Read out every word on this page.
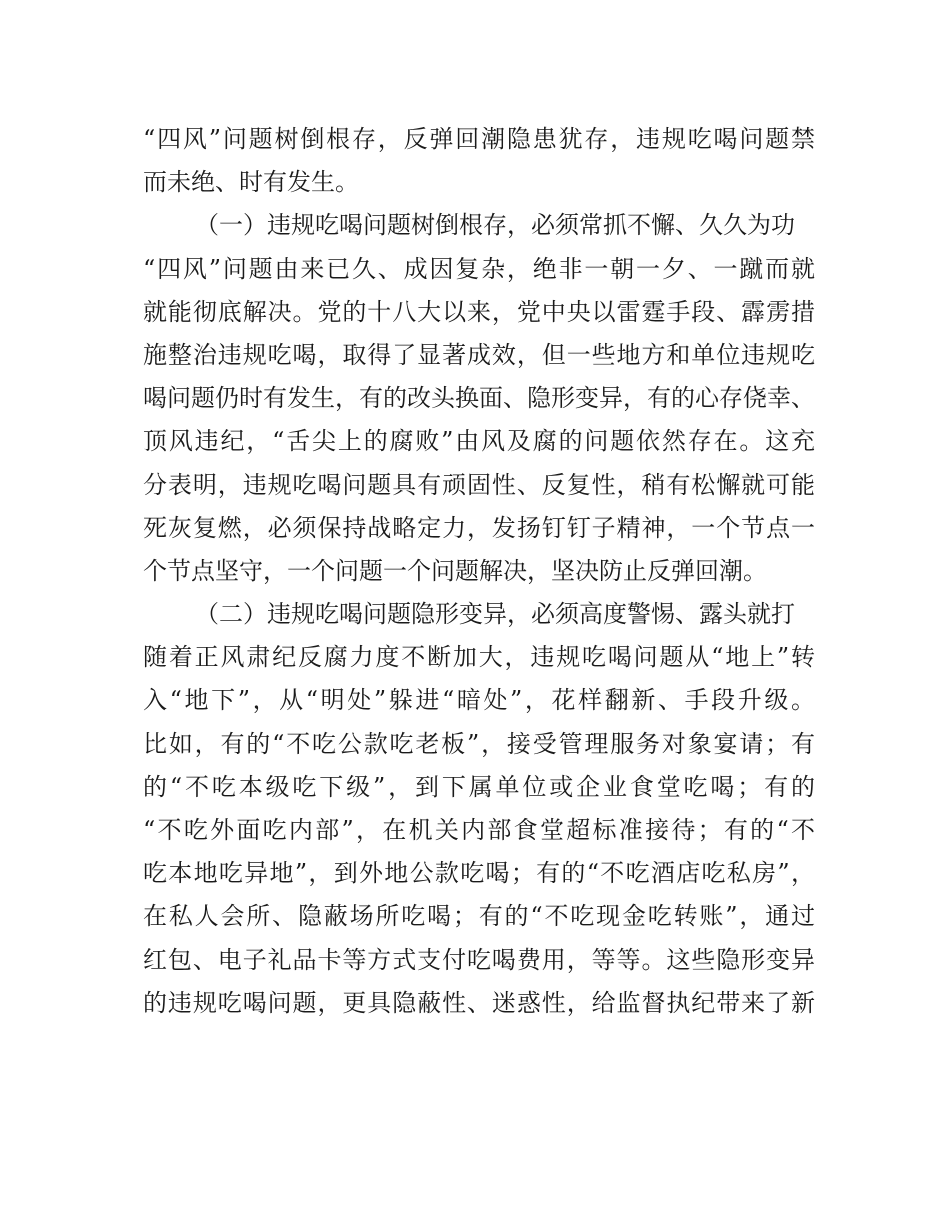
“四风”问题树倒根存，反弹回潮隐患犹存，违规吃喝问题禁
而未绝、时有发生。
（一）违规吃喝问题树倒根存，必须常抓不懈、久久为功
“四风”问题由来已久、成因复杂，绝非一朝一夕、一蹴而就
就能彻底解决。党的十八大以来，党中央以雷霆手段、霹雳措
施整治违规吃喝，取得了显著成效，但一些地方和单位违规吃
喝问题仍时有发生，有的改头换面、隐形变异，有的心存侥幸、
顶风违纪，“舌尖上的腐败”由风及腐的问题依然存在。这充
分表明，违规吃喝问题具有顽固性、反复性，稍有松懈就可能
死灰复燃，必须保持战略定力，发扬钉钉子精神，一个节点一
个节点坚守，一个问题一个问题解决，坚决防止反弹回潮。
（二）违规吃喝问题隐形变异，必须高度警惕、露头就打
随着正风肃纪反腐力度不断加大，违规吃喝问题从“地上”转
入“地下”，从“明处”躲进“暗处”，花样翻新、手段升级。
比如，有的“不吃公款吃老板”，接受管理服务对象宴请；有
的“不吃本级吃下级”，到下属单位或企业食堂吃喝；有的
“不吃外面吃内部”，在机关内部食堂超标准接待；有的“不
吃本地吃异地”，到外地公款吃喝；有的“不吃酒店吃私房”，
在私人会所、隐蔽场所吃喝；有的“不吃现金吃转账”，通过
红包、电子礼品卡等方式支付吃喝费用，等等。这些隐形变异
的违规吃喝问题，更具隐蔽性、迷惑性，给监督执纪带来了新
